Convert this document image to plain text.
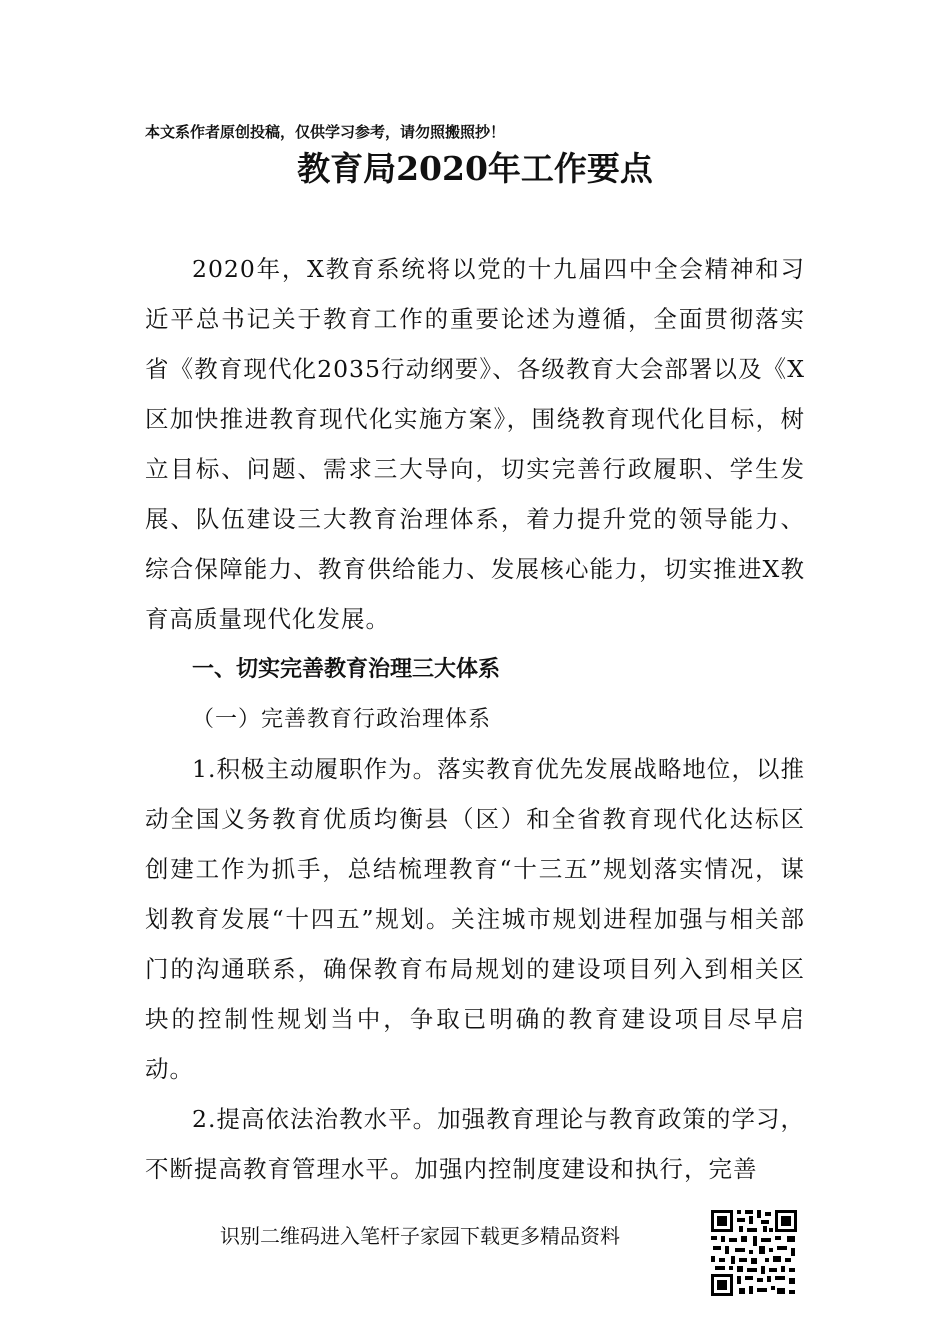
本文系作者原创投稿，仅供学习参考，请勿照搬照抄！
教育局2020年工作要点

2020年，X教育系统将以党的十九届四中全会精神和习近平总书记关于教育工作的重要论述为遵循，全面贯彻落实省《教育现代化2035行动纲要》、各级教育大会部署以及《X区加快推进教育现代化实施方案》，围绕教育现代化目标，树立目标、问题、需求三大导向，切实完善行政履职、学生发展、队伍建设三大教育治理体系，着力提升党的领导能力、综合保障能力、教育供给能力、发展核心能力，切实推进X教育高质量现代化发展。

一、切实完善教育治理三大体系
（一）完善教育行政治理体系

1.积极主动履职作为。落实教育优先发展战略地位，以推动全国义务教育优质均衡县（区）和全省教育现代化达标区创建工作为抓手，总结梳理教育“十三五”规划落实情况，谋划教育发展“十四五”规划。关注城市规划进程加强与相关部门的沟通联系，确保教育布局规划的建设项目列入到相关区块的控制性规划当中，争取已明确的教育建设项目尽早启动。

2.提高依法治教水平。加强教育理论与教育政策的学习，不断提高教育管理水平。加强内控制度建设和执行，完善

识别二维码进入笔杆子家园下载更多精品资料
